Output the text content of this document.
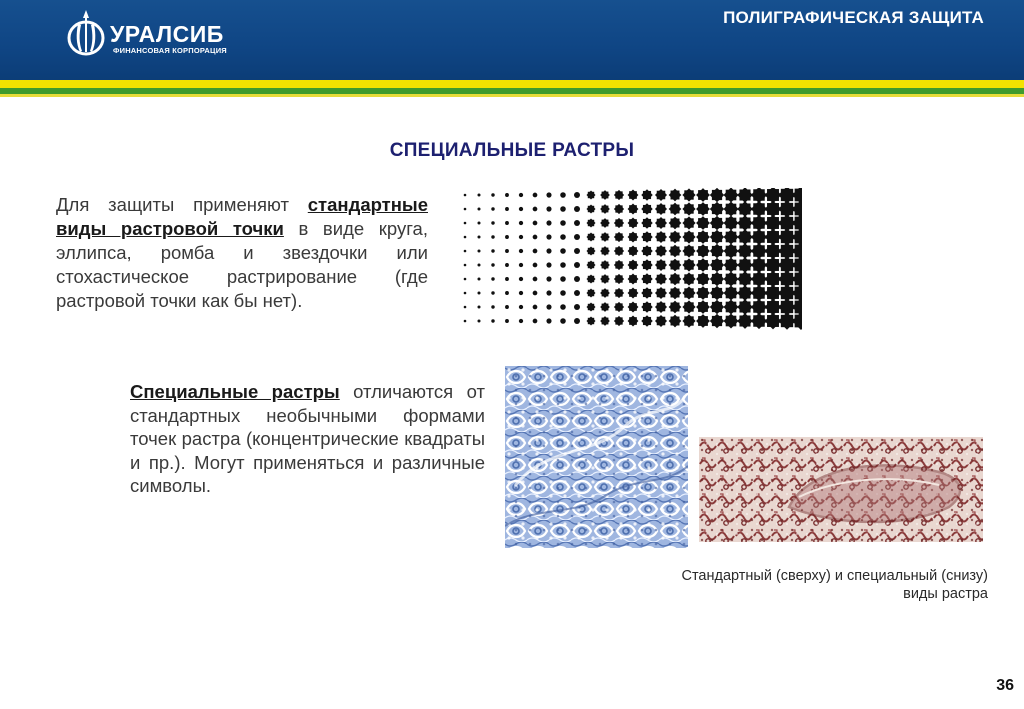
УРАЛСИБ
ФИНАНСОВАЯ КОРПОРАЦИЯ
ПОЛИГРАФИЧЕСКАЯ ЗАЩИТА
СПЕЦИАЛЬНЫЕ РАСТРЫ
Для защиты применяют стандартные виды растровой точки в виде круга, эллипса, ромба и звездочки или стохастическое растрирование (где растровой точки как бы нет).
Специальные растры отличаются от стандартных необычными формами точек растра (концентрические квадраты и пр.). Могут применяться и различные символы.
Стандартный (сверху) и специальный (снизу)
виды растра
36
